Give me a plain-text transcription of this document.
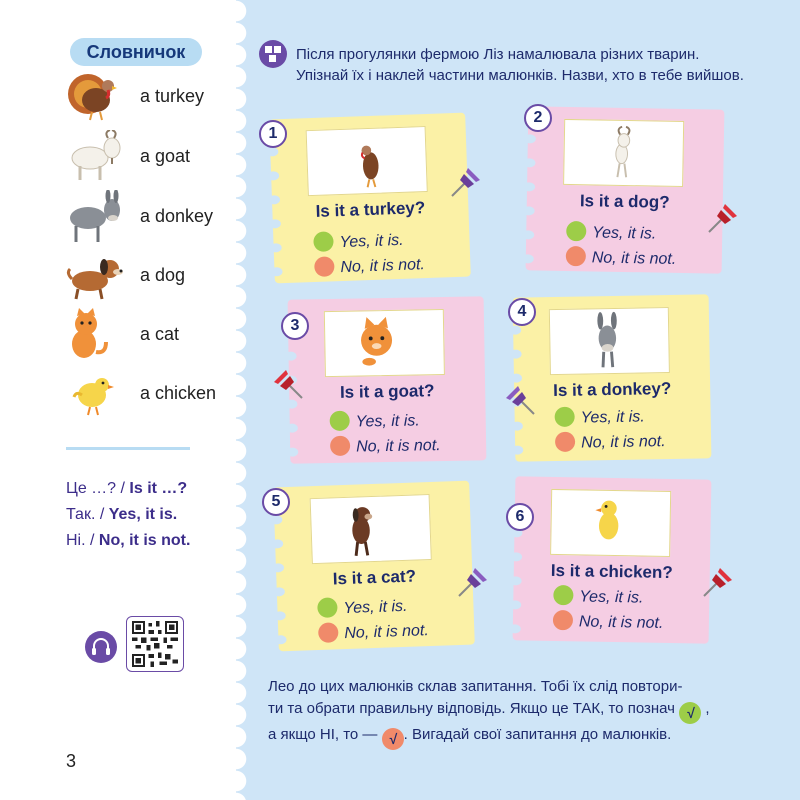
Словничок
a turkey
a goat
a donkey
a dog
a cat
a chicken
Це …? / Is it …?
Так. / Yes, it is.
Ні. / No, it is not.
3
Після прогулянки фермою Ліз намалювала різних тварин.
Упізнай їх і наклей частини малюнків. Назви, хто в тебе вийшов.
Is it a turkey?
Yes, it is.
No, it is not.
1
Is it a dog?
Yes, it is.
No, it is not.
2
Is it a goat?
Yes, it is.
No, it is not.
3
Is it a donkey?
Yes, it is.
No, it is not.
4
Is it a cat?
Yes, it is.
No, it is not.
5
Is it a chicken?
Yes, it is.
No, it is not.
6
Лео до цих малюнків склав запитання. Тобі їх слід повтори-
ти та обрати правильну відповідь. Якщо це ТАК, то познач √ ,
а якщо НІ, то — √ . Вигадай свої запитання до малюнків.
